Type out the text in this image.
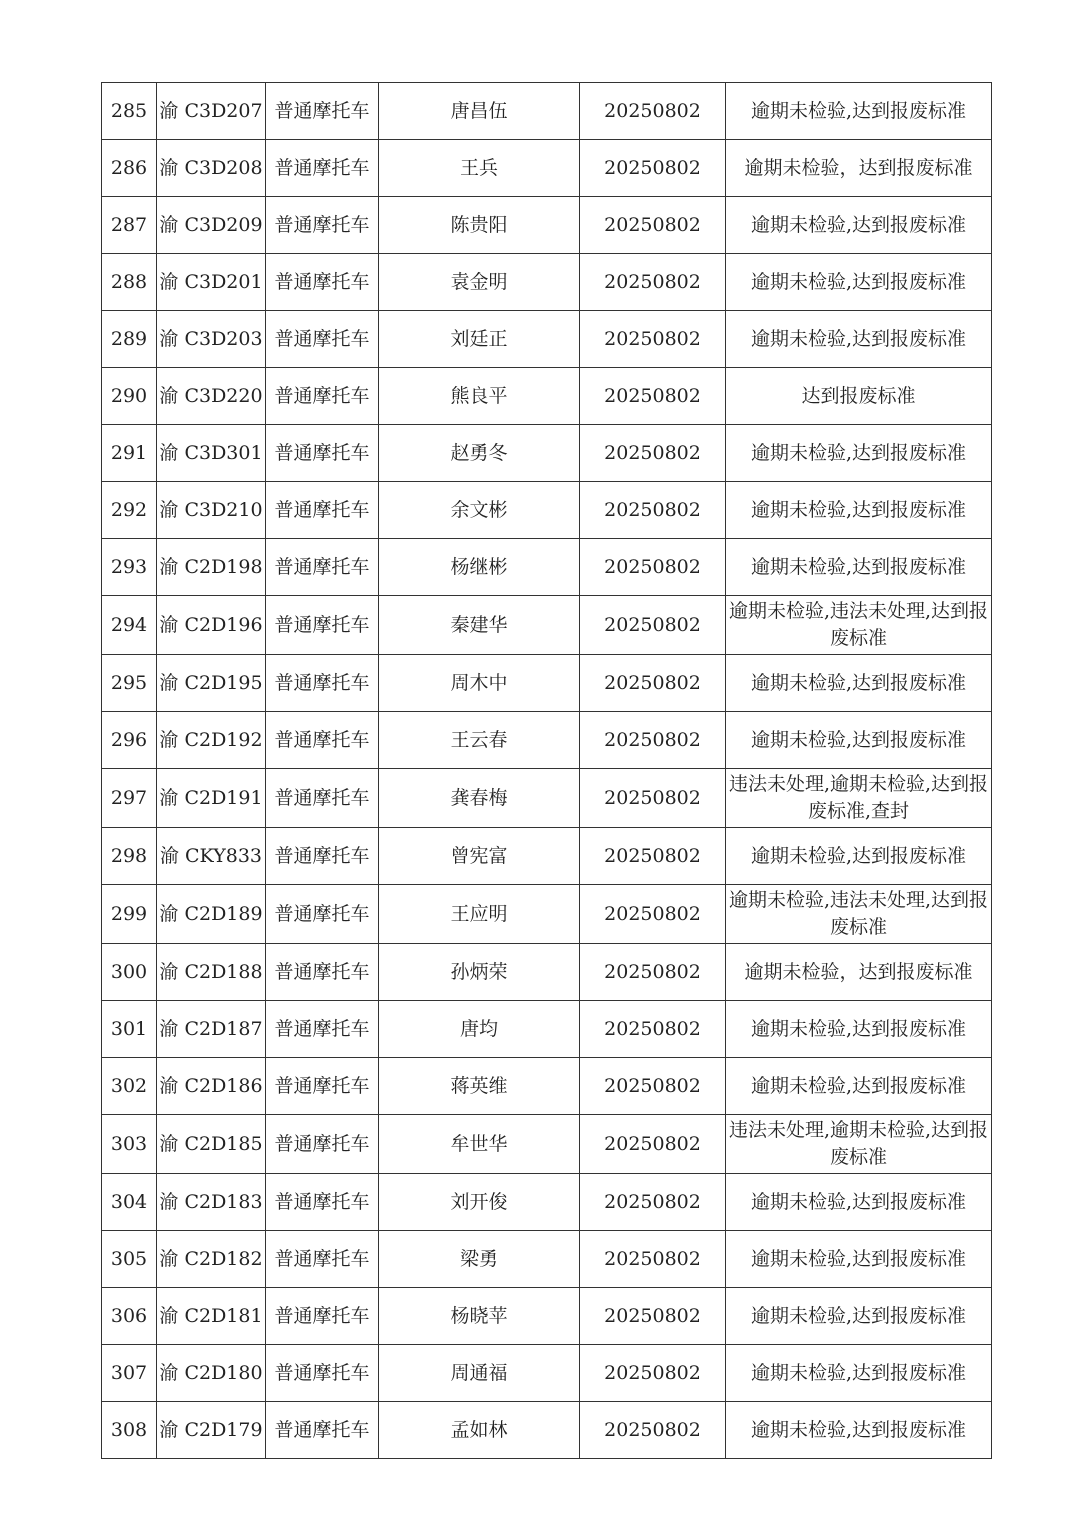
285	渝 C3D207	普通摩托车	唐昌伍	20250802	逾期未检验,达到报废标准
286	渝 C3D208	普通摩托车	王兵	20250802	逾期未检验，达到报废标准
287	渝 C3D209	普通摩托车	陈贵阳	20250802	逾期未检验,达到报废标准
288	渝 C3D201	普通摩托车	袁金明	20250802	逾期未检验,达到报废标准
289	渝 C3D203	普通摩托车	刘廷正	20250802	逾期未检验,达到报废标准
290	渝 C3D220	普通摩托车	熊良平	20250802	达到报废标准
291	渝 C3D301	普通摩托车	赵勇冬	20250802	逾期未检验,达到报废标准
292	渝 C3D210	普通摩托车	余文彬	20250802	逾期未检验,达到报废标准
293	渝 C2D198	普通摩托车	杨继彬	20250802	逾期未检验,达到报废标准
294	渝 C2D196	普通摩托车	秦建华	20250802	逾期未检验,违法未处理,达到报废标准
295	渝 C2D195	普通摩托车	周木中	20250802	逾期未检验,达到报废标准
296	渝 C2D192	普通摩托车	王云春	20250802	逾期未检验,达到报废标准
297	渝 C2D191	普通摩托车	龚春梅	20250802	违法未处理,逾期未检验,达到报废标准,查封
298	渝 CKY833	普通摩托车	曾宪富	20250802	逾期未检验,达到报废标准
299	渝 C2D189	普通摩托车	王应明	20250802	逾期未检验,违法未处理,达到报废标准
300	渝 C2D188	普通摩托车	孙炳荣	20250802	逾期未检验，达到报废标准
301	渝 C2D187	普通摩托车	唐均	20250802	逾期未检验,达到报废标准
302	渝 C2D186	普通摩托车	蒋英维	20250802	逾期未检验,达到报废标准
303	渝 C2D185	普通摩托车	牟世华	20250802	违法未处理,逾期未检验,达到报废标准
304	渝 C2D183	普通摩托车	刘开俊	20250802	逾期未检验,达到报废标准
305	渝 C2D182	普通摩托车	梁勇	20250802	逾期未检验,达到报废标准
306	渝 C2D181	普通摩托车	杨晓苹	20250802	逾期未检验,达到报废标准
307	渝 C2D180	普通摩托车	周通福	20250802	逾期未检验,达到报废标准
308	渝 C2D179	普通摩托车	孟如林	20250802	逾期未检验,达到报废标准
